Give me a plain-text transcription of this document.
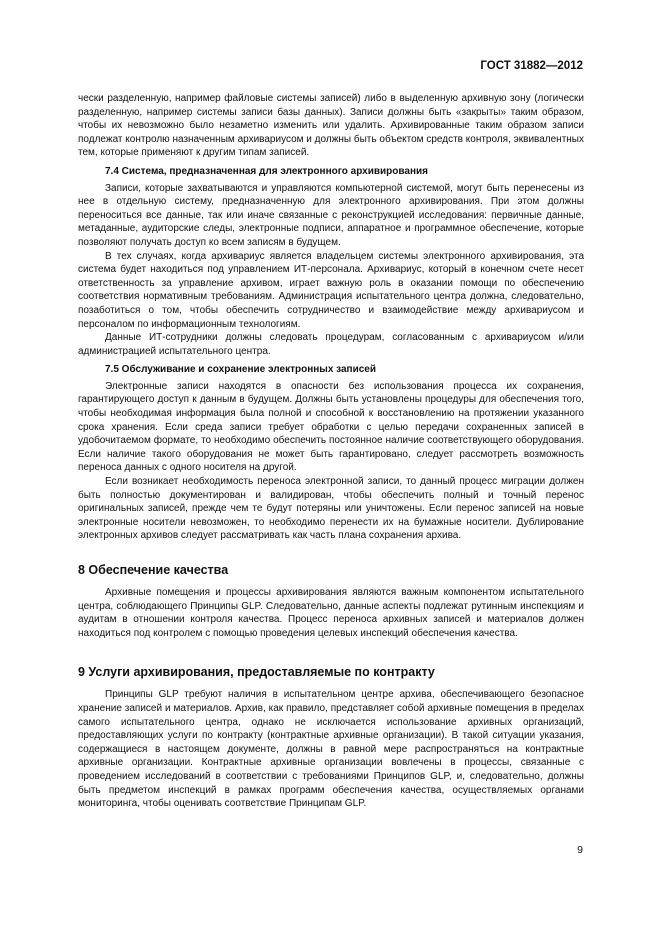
ГОСТ 31882—2012

чески разделенную, например файловые системы записей) либо в выделенную архивную зону (логически разделенную, например системы записи базы данных). Записи должны быть «закрыты» таким образом, чтобы их невозможно было незаметно изменить или удалить. Архивированные таким образом записи подлежат контролю назначенным архивариусом и должны быть объектом средств контроля, эквивалентных тем, которые применяют к другим типам записей.

7.4 Система, предназначенная для электронного архивирования

Записи, которые захватываются и управляются компьютерной системой, могут быть перенесены из нее в отдельную систему, предназначенную для электронного архивирования. При этом должны переноситься все данные, так или иначе связанные с реконструкцией исследования: первичные данные, метаданные, аудиторские следы, электронные подписи, аппаратное и программное обеспечение, которые позволяют получать доступ ко всем записям в будущем.

В тех случаях, когда архивариус является владельцем системы электронного архивирования, эта система будет находиться под управлением ИТ-персонала. Архивариус, который в конечном счете несет ответственность за управление архивом, играет важную роль в оказании помощи по обеспечению соответствия нормативным требованиям. Администрация испытательного центра должна, следовательно, позаботиться о том, чтобы обеспечить сотрудничество и взаимодействие между архивариусом и персоналом по информационным технологиям.

Данные ИТ-сотрудники должны следовать процедурам, согласованным с архивариусом и/или администрацией испытательного центра.

7.5 Обслуживание и сохранение электронных записей

Электронные записи находятся в опасности без использования процесса их сохранения, гарантирующего доступ к данным в будущем. Должны быть установлены процедуры для обеспечения того, чтобы необходимая информация была полной и способной к восстановлению на протяжении указанного срока хранения. Если среда записи требует обработки с целью передачи сохраненных записей в удобочитаемом формате, то необходимо обеспечить постоянное наличие соответствующего оборудования. Если наличие такого оборудования не может быть гарантировано, следует рассмотреть возможность переноса данных с одного носителя на другой.

Если возникает необходимость переноса электронной записи, то данный процесс миграции должен быть полностью документирован и валидирован, чтобы обеспечить полный и точный перенос оригинальных записей, прежде чем те будут потеряны или уничтожены. Если перенос записей на новые электронные носители невозможен, то необходимо перенести их на бумажные носители. Дублирование электронных архивов следует рассматривать как часть плана сохранения архива.

8 Обеспечение качества

Архивные помещения и процессы архивирования являются важным компонентом испытательного центра, соблюдающего Принципы GLP. Следовательно, данные аспекты подлежат рутинным инспекциям и аудитам в отношении контроля качества. Процесс переноса архивных записей и материалов должен находиться под контролем с помощью проведения целевых инспекций обеспечения качества.

9 Услуги архивирования, предоставляемые по контракту

Принципы GLP требуют наличия в испытательном центре архива, обеспечивающего безопасное хранение записей и материалов. Архив, как правило, представляет собой архивные помещения в пределах самого испытательного центра, однако не исключается использование архивных организаций, предоставляющих услуги по контракту (контрактные архивные организации). В такой ситуации указания, содержащиеся в настоящем документе, должны в равной мере распространяться на контрактные архивные организации. Контрактные архивные организации вовлечены в процессы, связанные с проведением исследований в соответствии с требованиями Принципов GLP, и, следовательно, должны быть предметом инспекций в рамках программ обеспечения качества, осуществляемых органами мониторинга, чтобы оценивать соответствие Принципам GLP.

9
